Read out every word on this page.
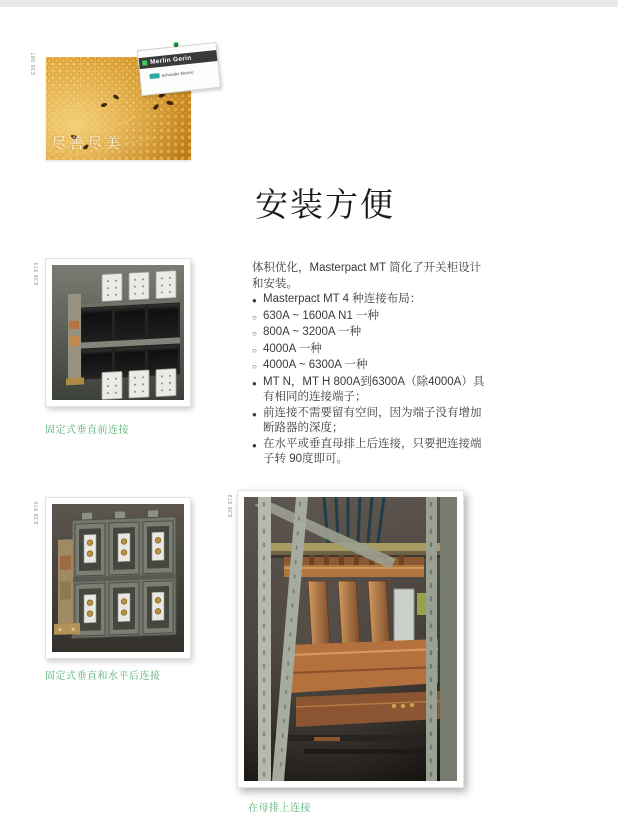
E38 987
尽善尽美
Merlin Gerin
Schneider Electric
安装方便
体积优化，Masterpact MT 简化了开关柜设计和安装。
● Masterpact MT 4 种连接布局：
○ 630A ~ 1600A N1 一种
○ 800A ~ 3200A 一种
○ 4000A 一种
○ 4000A ~ 6300A 一种
● MT N，MT H 800A到6300A（除4000A）具有相同的连接端子；
● 前连接不需要留有空间，因为端子没有增加断路器的深度；
● 在水平或垂直母排上后连接，只要把连接端子转 90度即可。
E38 971
固定式垂直前连接
E38 970
固定式垂直和水平后连接
E38 972
在母排上连接
